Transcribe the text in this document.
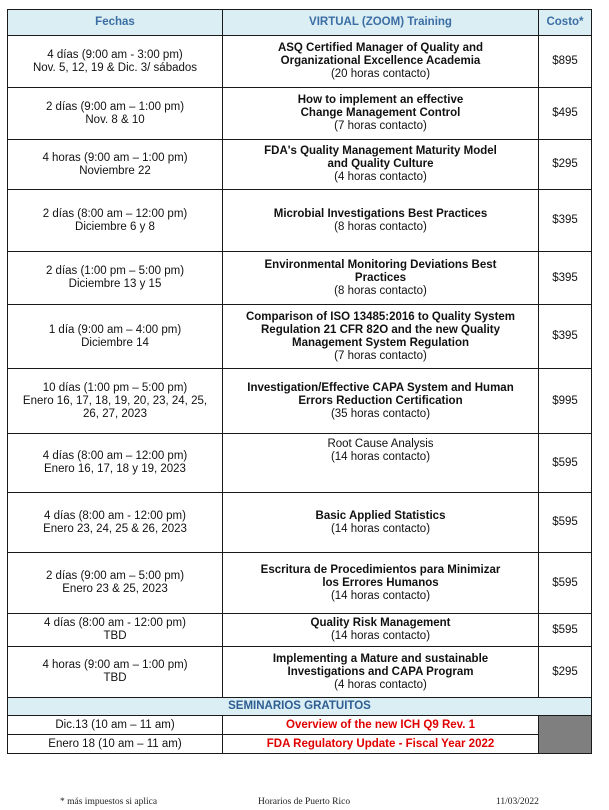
Fechas	VIRTUAL (ZOOM) Training	Costo*

4 días (9:00 am - 3:00 pm)
Nov. 5, 12, 19 & Dic. 3/ sábados	ASQ Certified Manager of Quality and
Organizational Excellence Academia
(20 horas contacto)	$895

2 días (9:00 am – 1:00 pm)
Nov. 8 & 10	How to implement an effective
Change Management Control
(7 horas contacto)	$495

4 horas (9:00 am – 1:00 pm)
Noviembre 22	FDA's Quality Management Maturity Model
and Quality Culture
(4 horas contacto)	$295

2 días (8:00 am – 12:00 pm)
Diciembre 6 y 8	Microbial Investigations Best Practices
(8 horas contacto)	$395

2 días (1:00 pm – 5:00 pm)
Diciembre 13 y 15	Environmental Monitoring Deviations Best
Practices
(8 horas contacto)	$395

1 día (9:00 am – 4:00 pm)
Diciembre 14	Comparison of ISO 13485:2016 to Quality System
Regulation 21 CFR 82O and the new Quality
Management System Regulation
(7 horas contacto)	$395

10 días (1:00 pm – 5:00 pm)
Enero 16, 17, 18, 19, 20, 23, 24, 25,
26, 27, 2023	Investigation/Effective CAPA System and Human
Errors Reduction Certification
(35 horas contacto)	$995

4 días (8:00 am – 12:00 pm)
Enero 16, 17, 18 y 19, 2023	Root Cause Analysis
(14 horas contacto)	$595

4 días (8:00 am - 12:00 pm)
Enero 23, 24, 25 & 26, 2023	Basic Applied Statistics
(14 horas contacto)	$595

2 días (9:00 am – 5:00 pm)
Enero 23 & 25, 2023	Escritura de Procedimientos para Minimizar
los Errores Humanos
(14 horas contacto)	$595

4 días (8:00 am - 12:00 pm)
TBD	Quality Risk Management
(14 horas contacto)	$595

4 horas (9:00 am – 1:00 pm)
TBD	Implementing a Mature and sustainable
Investigations and CAPA Program
(4 horas contacto)	$295
SEMINARIOS GRATUITOS		
Dic.13 (10 am – 11 am)	Overview of the new ICH Q9 Rev. 1	
Enero 18 (10 am – 11 am)	FDA Regulatory Update - Fiscal Year 2022	
* más impuestos si aplica	Horarios de Puerto Rico	11/03/2022
